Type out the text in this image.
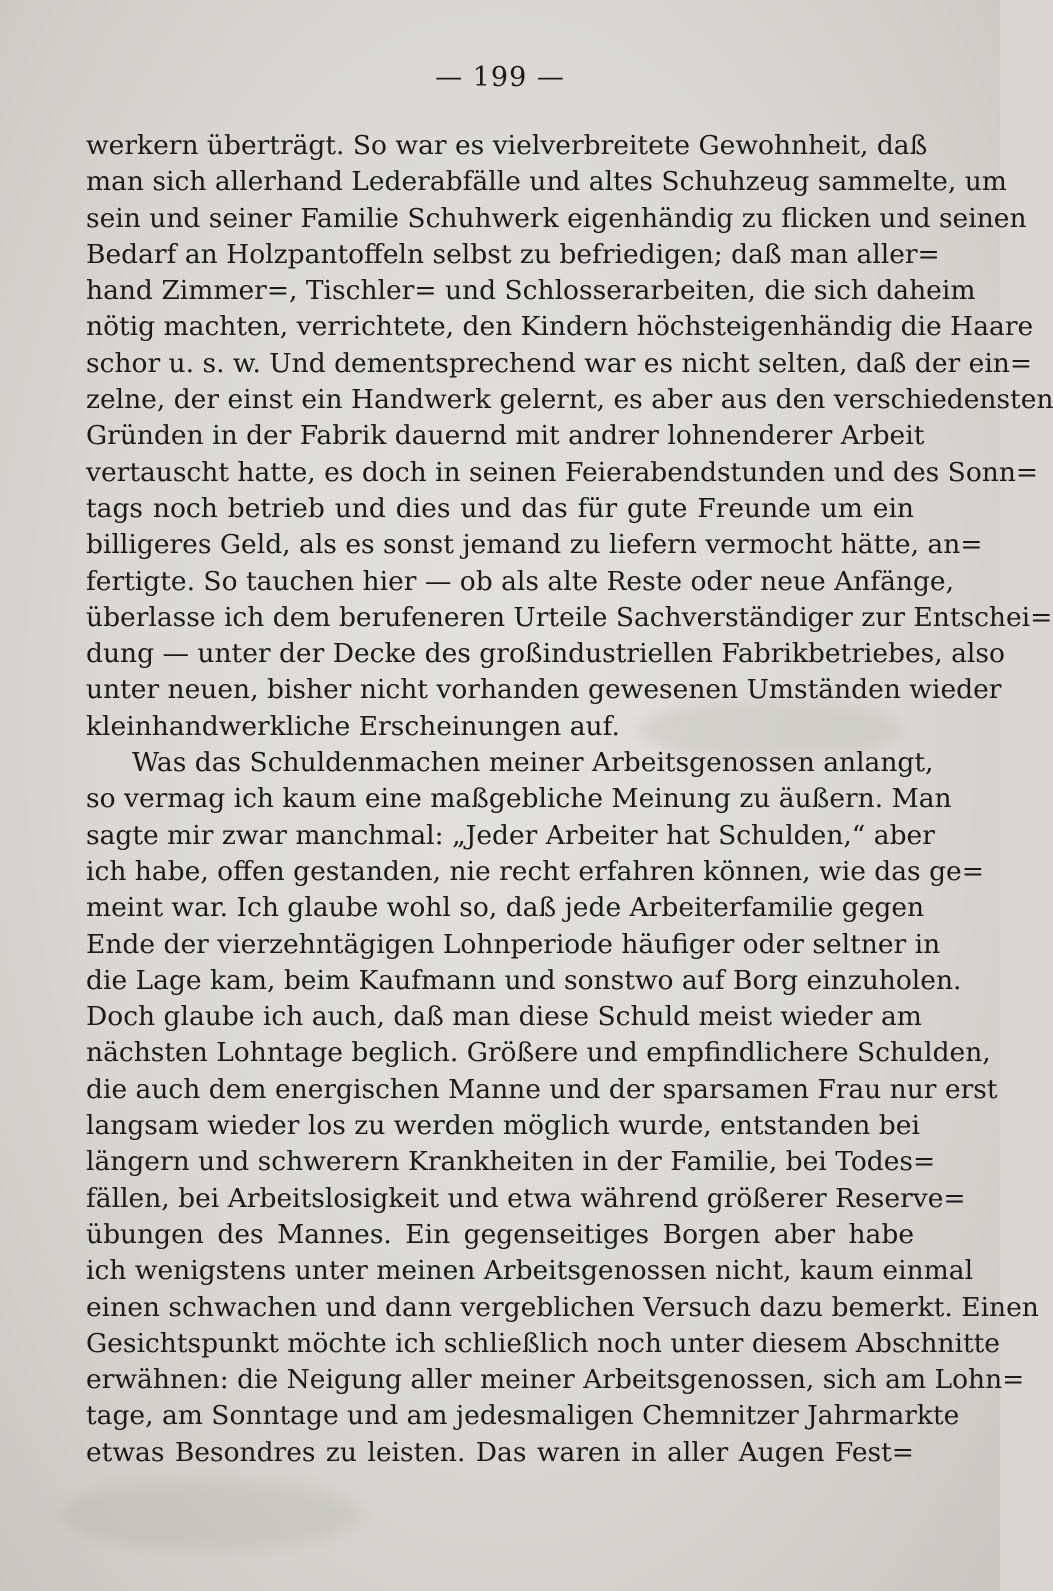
— 199 —
werkern überträgt. So war es vielverbreitete Gewohnheit, daß
man sich allerhand Lederabfälle und altes Schuhzeug sammelte, um
sein und seiner Familie Schuhwerk eigenhändig zu flicken und seinen
Bedarf an Holzpantoffeln selbst zu befriedigen; daß man aller=
hand Zimmer=, Tischler= und Schlosserarbeiten, die sich daheim
nötig machten, verrichtete, den Kindern höchsteigenhändig die Haare
schor u. s. w. Und dementsprechend war es nicht selten, daß der ein=
zelne, der einst ein Handwerk gelernt, es aber aus den verschiedensten
Gründen in der Fabrik dauernd mit andrer lohnenderer Arbeit
vertauscht hatte, es doch in seinen Feierabendstunden und des Sonn=
tags noch betrieb und dies und das für gute Freunde um ein
billigeres Geld, als es sonst jemand zu liefern vermocht hätte, an=
fertigte. So tauchen hier — ob als alte Reste oder neue Anfänge,
überlasse ich dem berufeneren Urteile Sachverständiger zur Entschei=
dung — unter der Decke des großindustriellen Fabrikbetriebes, also
unter neuen, bisher nicht vorhanden gewesenen Umständen wieder
kleinhandwerkliche Erscheinungen auf.
Was das Schuldenmachen meiner Arbeitsgenossen anlangt,
so vermag ich kaum eine maßgebliche Meinung zu äußern. Man
sagte mir zwar manchmal: „Jeder Arbeiter hat Schulden,“ aber
ich habe, offen gestanden, nie recht erfahren können, wie das ge=
meint war. Ich glaube wohl so, daß jede Arbeiterfamilie gegen
Ende der vierzehntägigen Lohnperiode häufiger oder seltner in
die Lage kam, beim Kaufmann und sonstwo auf Borg einzuholen.
Doch glaube ich auch, daß man diese Schuld meist wieder am
nächsten Lohntage beglich. Größere und empfindlichere Schulden,
die auch dem energischen Manne und der sparsamen Frau nur erst
langsam wieder los zu werden möglich wurde, entstanden bei
längern und schwerern Krankheiten in der Familie, bei Todes=
fällen, bei Arbeitslosigkeit und etwa während größerer Reserve=
übungen des Mannes. Ein gegenseitiges Borgen aber habe
ich wenigstens unter meinen Arbeitsgenossen nicht, kaum einmal
einen schwachen und dann vergeblichen Versuch dazu bemerkt. Einen
Gesichtspunkt möchte ich schließlich noch unter diesem Abschnitte
erwähnen: die Neigung aller meiner Arbeitsgenossen, sich am Lohn=
tage, am Sonntage und am jedesmaligen Chemnitzer Jahrmarkte
etwas Besondres zu leisten. Das waren in aller Augen Fest=
